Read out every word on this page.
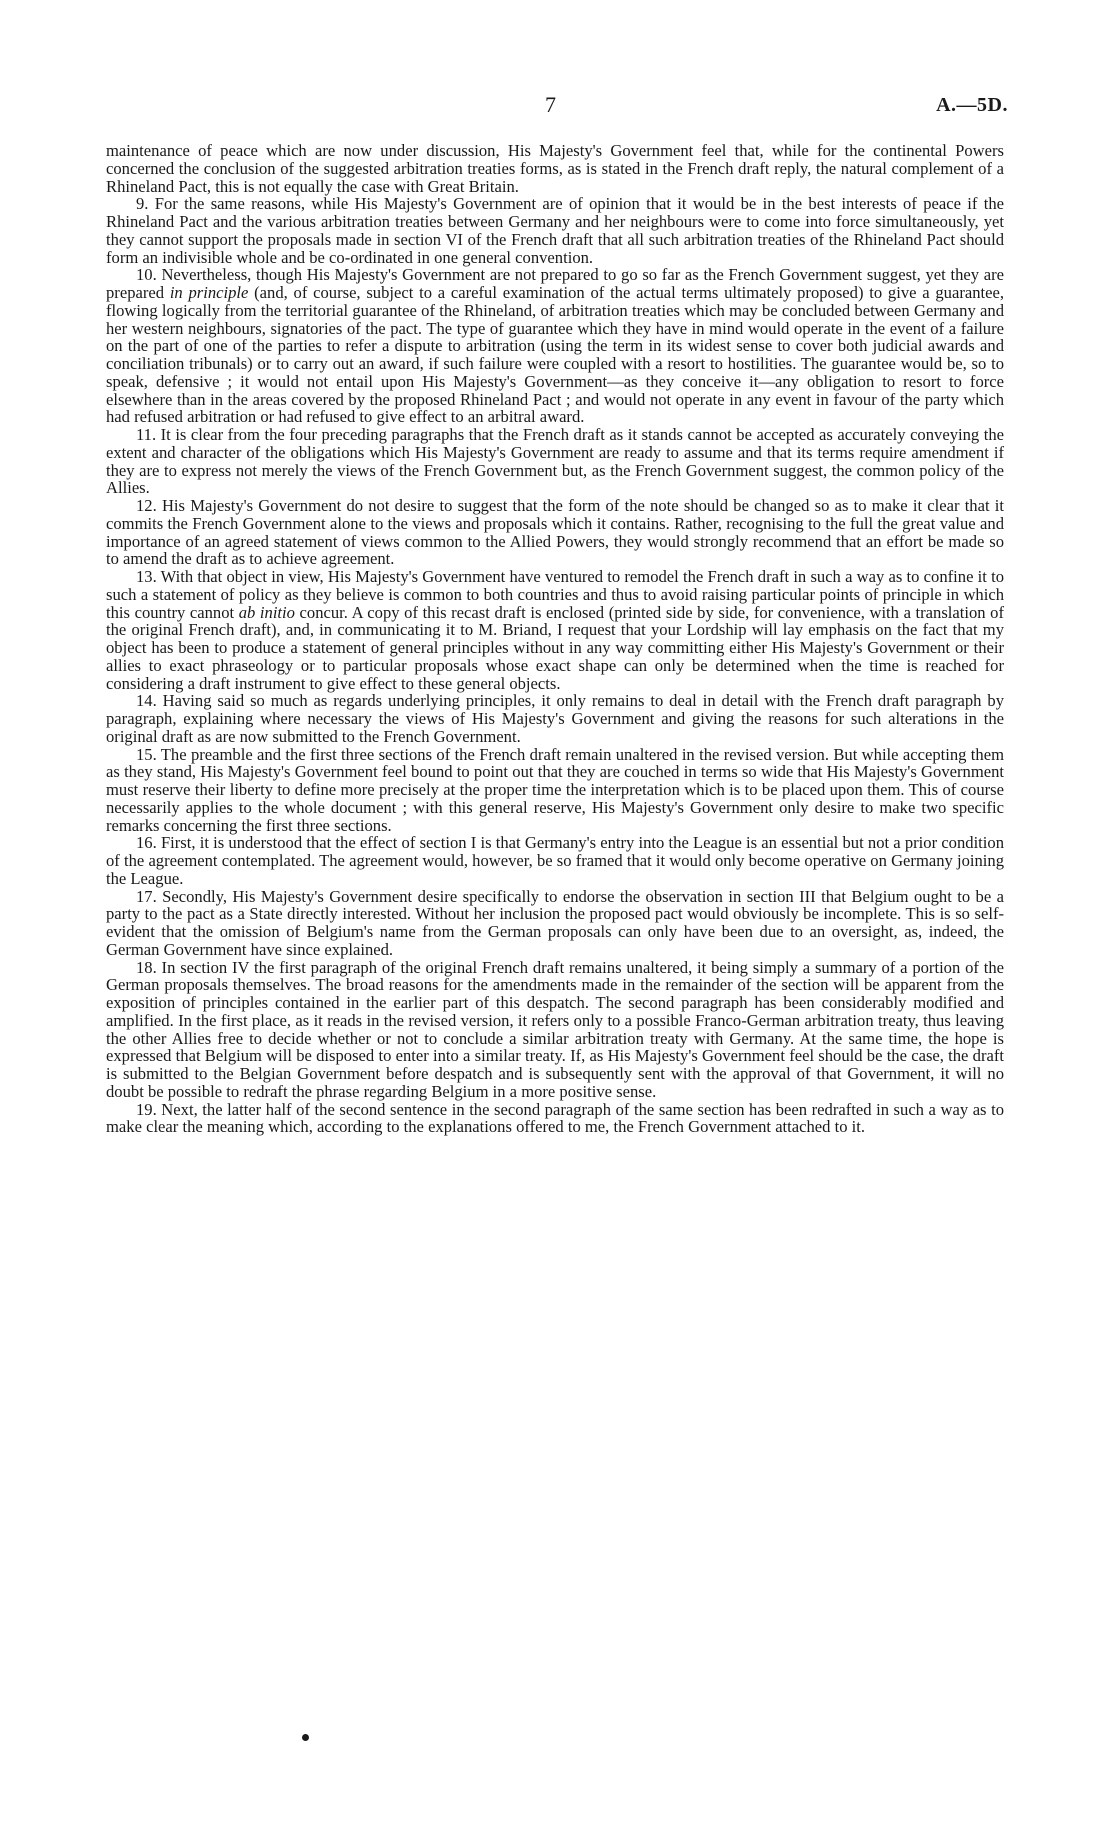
7	A.—5D.

maintenance of peace which are now under discussion, His Majesty's Government feel that, while for the continental Powers concerned the conclusion of the suggested arbitration treaties forms, as is stated in the French draft reply, the natural complement of a Rhineland Pact, this is not equally the case with Great Britain.

9. For the same reasons, while His Majesty's Government are of opinion that it would be in the best interests of peace if the Rhineland Pact and the various arbitration treaties between Germany and her neighbours were to come into force simultaneously, yet they cannot support the proposals made in section VI of the French draft that all such arbitration treaties of the Rhineland Pact should form an indivisible whole and be co-ordinated in one general convention.

10. Nevertheless, though His Majesty's Government are not prepared to go so far as the French Government suggest, yet they are prepared in principle (and, of course, subject to a careful examination of the actual terms ultimately proposed) to give a guarantee, flowing logically from the territorial guarantee of the Rhineland, of arbitration treaties which may be concluded between Germany and her western neighbours, signatories of the pact. The type of guarantee which they have in mind would operate in the event of a failure on the part of one of the parties to refer a dispute to arbitration (using the term in its widest sense to cover both judicial awards and conciliation tribunals) or to carry out an award, if such failure were coupled with a resort to hostilities. The guarantee would be, so to speak, defensive ; it would not entail upon His Majesty's Government—as they conceive it—any obligation to resort to force elsewhere than in the areas covered by the proposed Rhineland Pact ; and would not operate in any event in favour of the party which had refused arbitration or had refused to give effect to an arbitral award.

11. It is clear from the four preceding paragraphs that the French draft as it stands cannot be accepted as accurately conveying the extent and character of the obligations which His Majesty's Government are ready to assume and that its terms require amendment if they are to express not merely the views of the French Government but, as the French Government suggest, the common policy of the Allies.

12. His Majesty's Government do not desire to suggest that the form of the note should be changed so as to make it clear that it commits the French Government alone to the views and proposals which it contains. Rather, recognising to the full the great value and importance of an agreed statement of views common to the Allied Powers, they would strongly recommend that an effort be made so to amend the draft as to achieve agreement.

13. With that object in view, His Majesty's Government have ventured to remodel the French draft in such a way as to confine it to such a statement of policy as they believe is common to both countries and thus to avoid raising particular points of principle in which this country cannot ab initio concur. A copy of this recast draft is enclosed (printed side by side, for convenience, with a translation of the original French draft), and, in communicating it to M. Briand, I request that your Lordship will lay emphasis on the fact that my object has been to produce a statement of general principles without in any way committing either His Majesty's Government or their allies to exact phraseology or to particular proposals whose exact shape can only be determined when the time is reached for considering a draft instrument to give effect to these general objects.

14. Having said so much as regards underlying principles, it only remains to deal in detail with the French draft paragraph by paragraph, explaining where necessary the views of His Majesty's Government and giving the reasons for such alterations in the original draft as are now submitted to the French Government.

15. The preamble and the first three sections of the French draft remain unaltered in the revised version. But while accepting them as they stand, His Majesty's Government feel bound to point out that they are couched in terms so wide that His Majesty's Government must reserve their liberty to define more precisely at the proper time the interpretation which is to be placed upon them. This of course necessarily applies to the whole document ; with this general reserve, His Majesty's Government only desire to make two specific remarks concerning the first three sections.

16. First, it is understood that the effect of section I is that Germany's entry into the League is an essential but not a prior condition of the agreement contemplated. The agreement would, however, be so framed that it would only become operative on Germany joining the League.

17. Secondly, His Majesty's Government desire specifically to endorse the observation in section III that Belgium ought to be a party to the pact as a State directly interested. Without her inclusion the proposed pact would obviously be incomplete. This is so self-evident that the omission of Belgium's name from the German proposals can only have been due to an oversight, as, indeed, the German Government have since explained.

18. In section IV the first paragraph of the original French draft remains unaltered, it being simply a summary of a portion of the German proposals themselves. The broad reasons for the amendments made in the remainder of the section will be apparent from the exposition of principles contained in the earlier part of this despatch. The second paragraph has been considerably modified and amplified. In the first place, as it reads in the revised version, it refers only to a possible Franco-German arbitration treaty, thus leaving the other Allies free to decide whether or not to conclude a similar arbitration treaty with Germany. At the same time, the hope is expressed that Belgium will be disposed to enter into a similar treaty. If, as His Majesty's Government feel should be the case, the draft is submitted to the Belgian Government before despatch and is subsequently sent with the approval of that Government, it will no doubt be possible to redraft the phrase regarding Belgium in a more positive sense.

19. Next, the latter half of the second sentence in the second paragraph of the same section has been redrafted in such a way as to make clear the meaning which, according to the explanations offered to me, the French Government attached to it.
